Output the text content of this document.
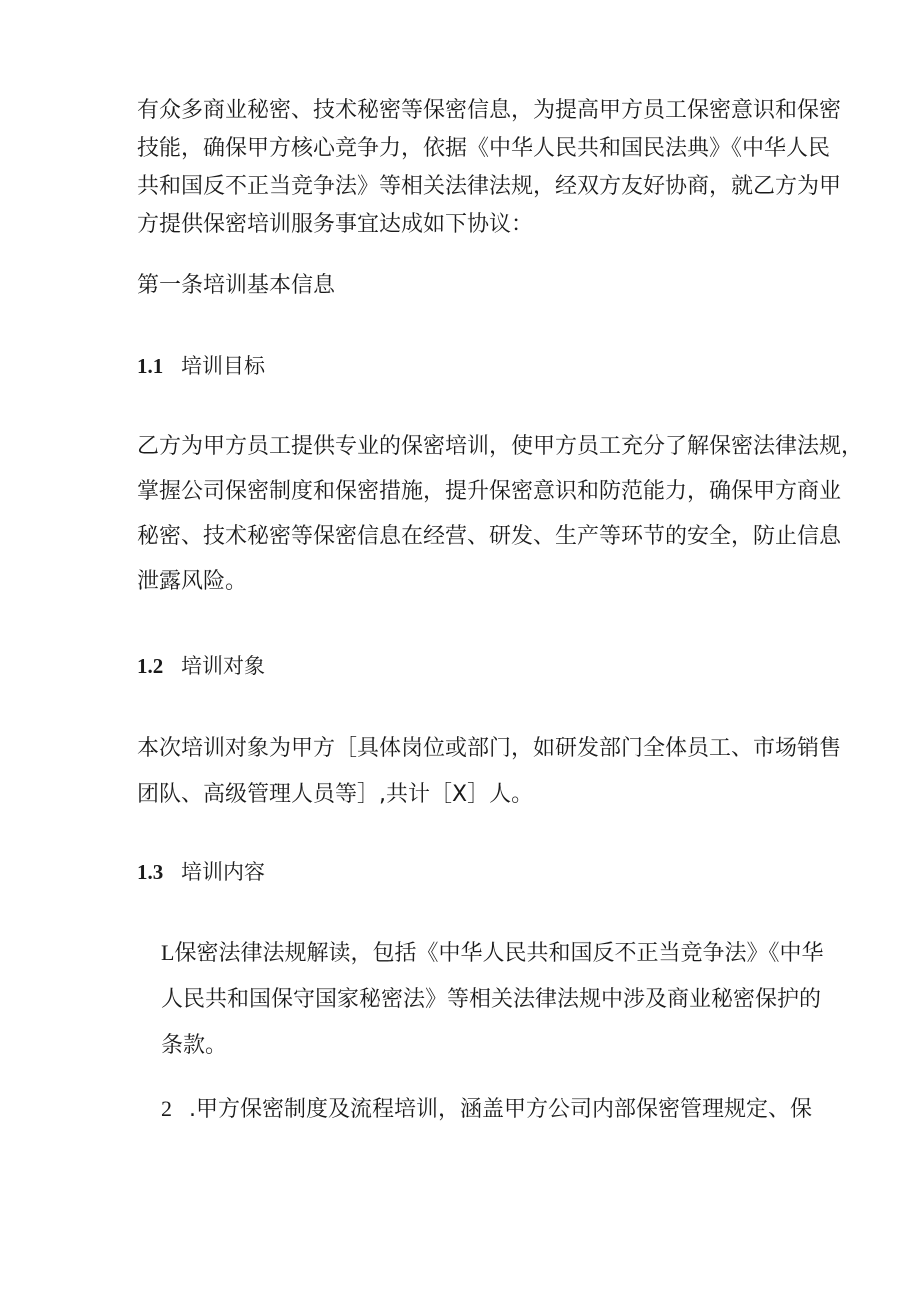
有众多商业秘密、技术秘密等保密信息，为提高甲方员工保密意识和保密
技能，确保甲方核心竞争力，依据《中华人民共和国民法典》《中华人民
共和国反不正当竞争法》等相关法律法规，经双方友好协商，就乙方为甲
方提供保密培训服务事宜达成如下协议：

第一条培训基本信息

1.1 培训目标

乙方为甲方员工提供专业的保密培训，使甲方员工充分了解保密法律法规，
掌握公司保密制度和保密措施，提升保密意识和防范能力，确保甲方商业
秘密、技术秘密等保密信息在经营、研发、生产等环节的安全，防止信息
泄露风险。

1.2 培训对象

本次培训对象为甲方［具体岗位或部门，如研发部门全体员工、市场销售
团队、高级管理人员等］,共计［X］人。

1.3 培训内容

L保密法律法规解读，包括《中华人民共和国反不正当竞争法》《中华
人民共和国保守国家秘密法》等相关法律法规中涉及商业秘密保护的
条款。

2 .甲方保密制度及流程培训，涵盖甲方公司内部保密管理规定、保
